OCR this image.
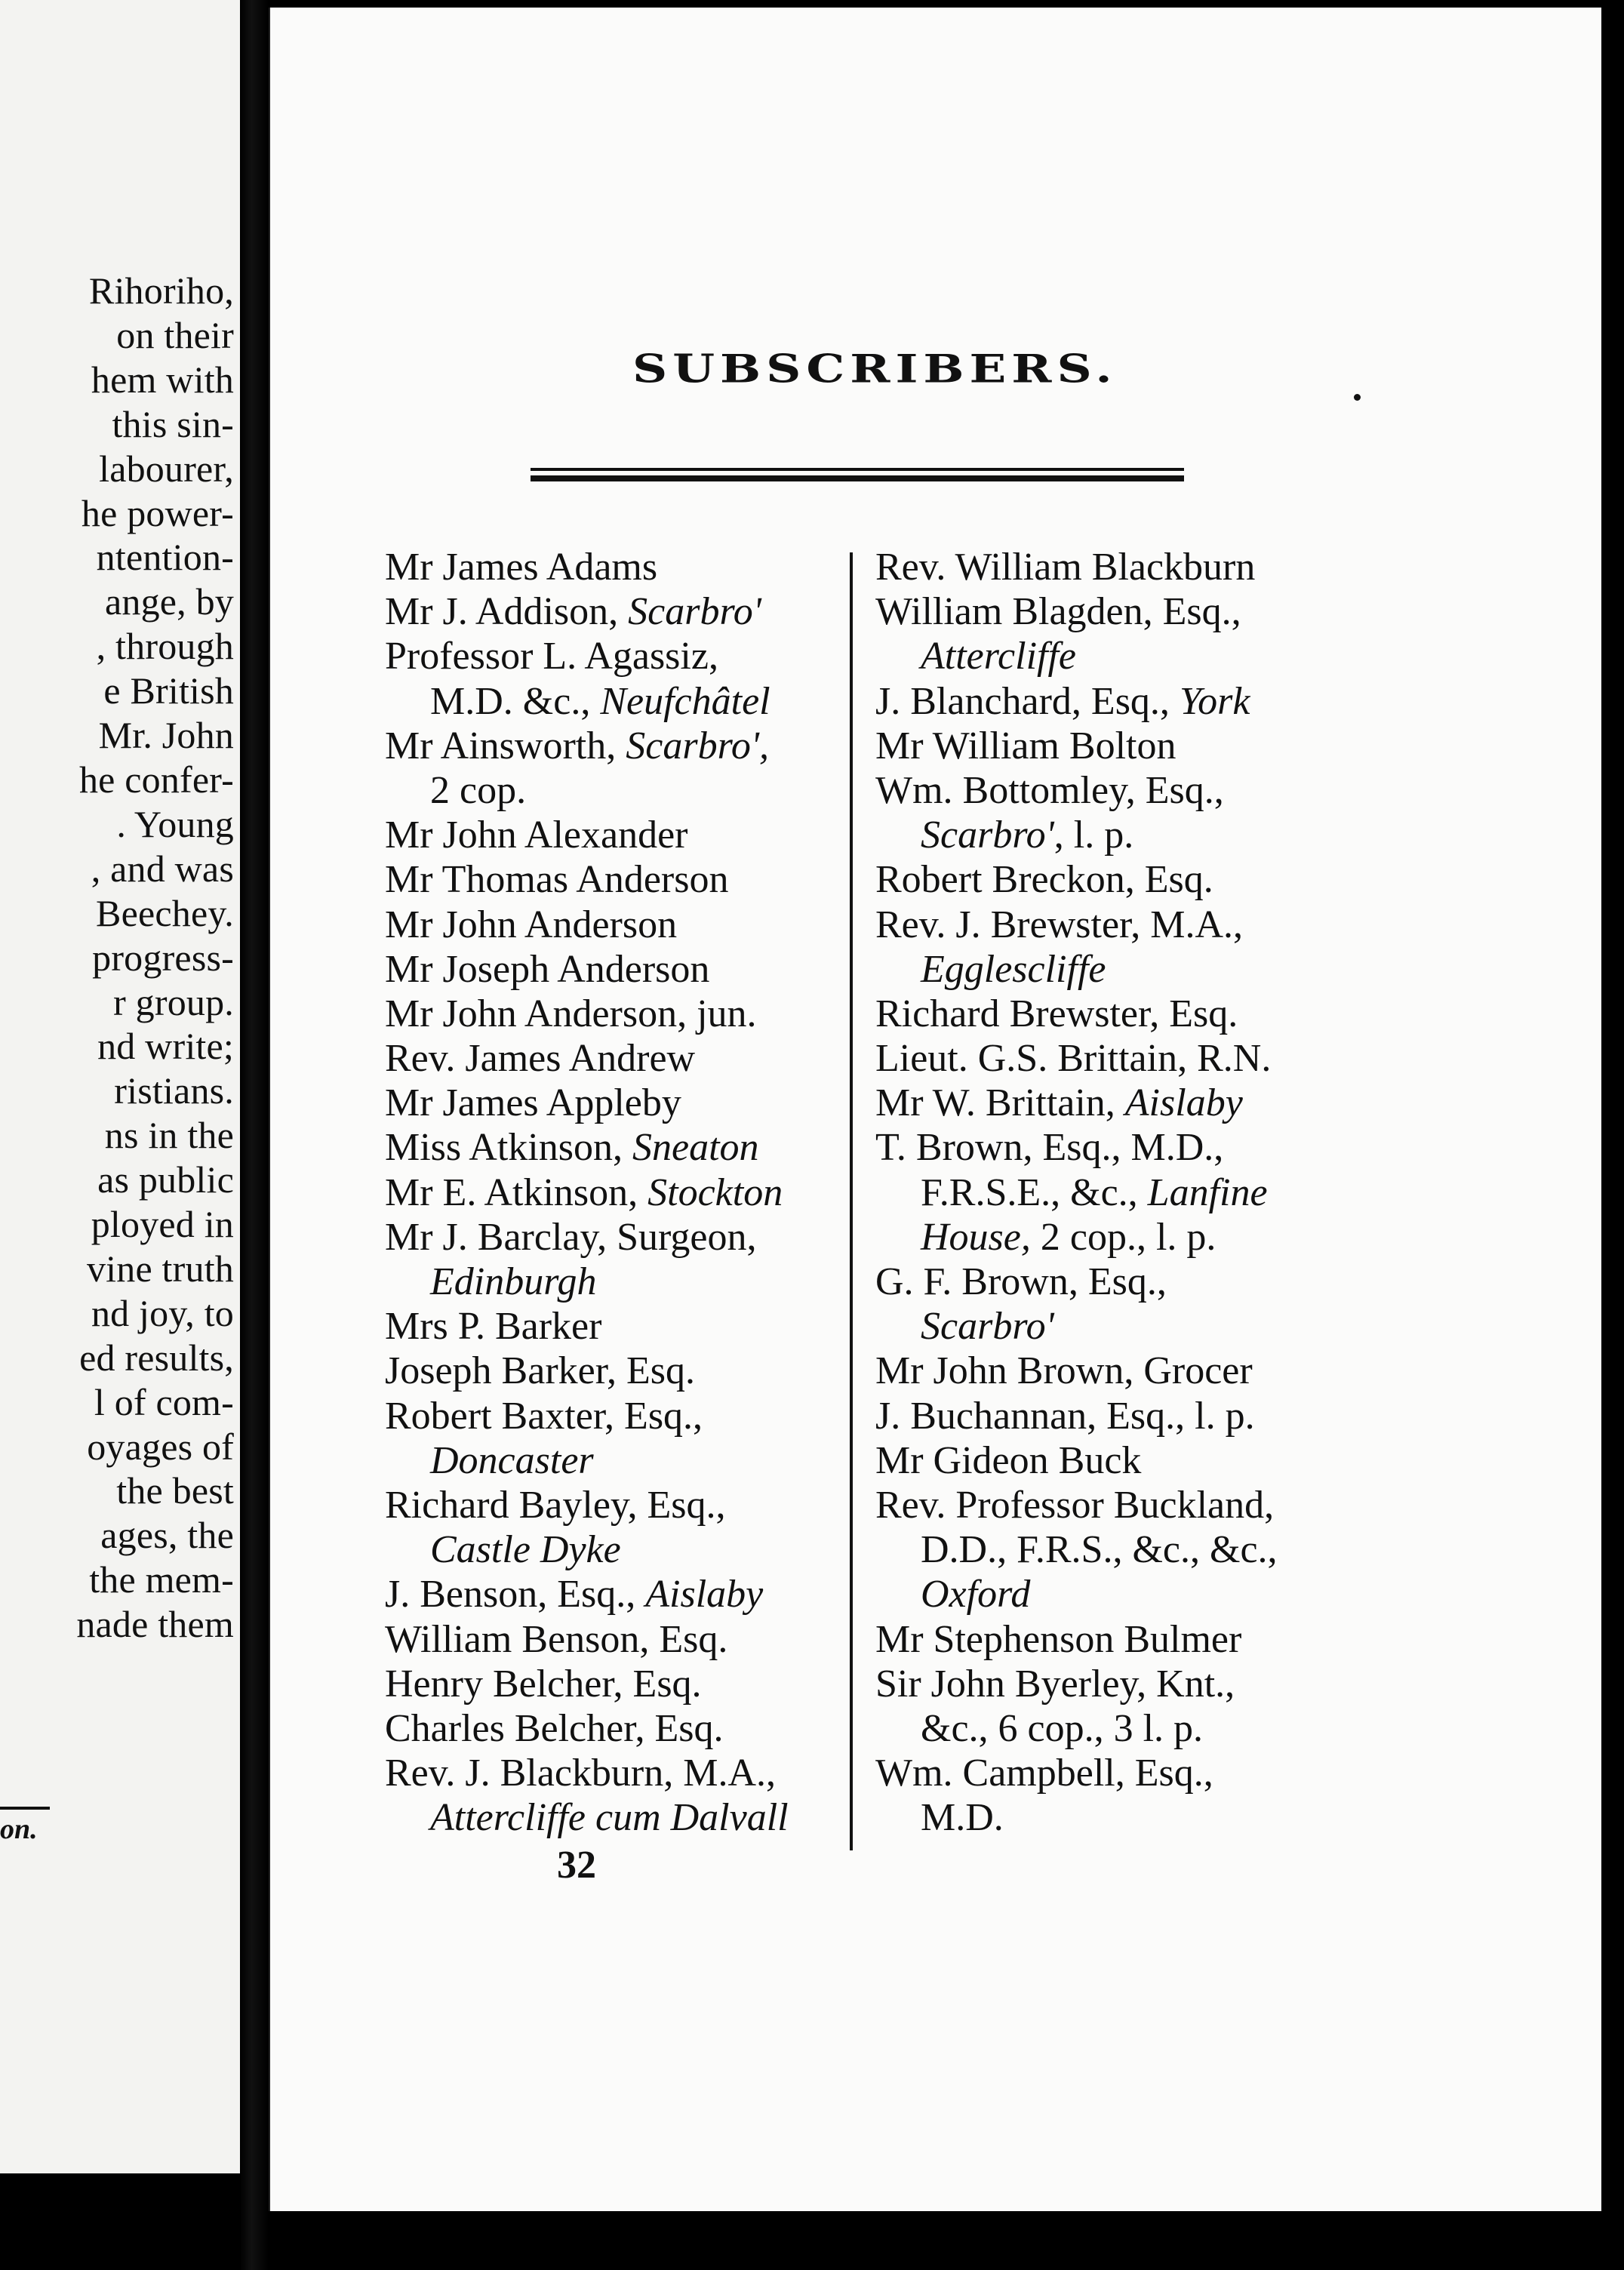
Rihoriho,
on their
hem with
this sin-
labourer,
he power-
ntention-
ange, by
, through
e British
Mr. John
he confer-
. Young
, and was
Beechey.
progress-
r group.
nd write;
ristians.
ns in the
as public
ployed in
vine truth
nd joy, to
ed results,
l of com-
oyages of
the best
ages, the
the mem-
nade them
on.
SUBSCRIBERS.
Mr James Adams
Mr J. Addison, Scarbro'
Professor L. Agassiz,
M.D. &c., Neufchâtel
Mr Ainsworth, Scarbro',
2 cop.
Mr John Alexander
Mr Thomas Anderson
Mr John Anderson
Mr Joseph Anderson
Mr John Anderson, jun.
Rev. James Andrew
Mr James Appleby
Miss Atkinson, Sneaton
Mr E. Atkinson, Stockton
Mr J. Barclay, Surgeon,
Edinburgh
Mrs P. Barker
Joseph Barker, Esq.
Robert Baxter, Esq.,
Doncaster
Richard Bayley, Esq.,
Castle Dyke
J. Benson, Esq., Aislaby
William Benson, Esq.
Henry Belcher, Esq.
Charles Belcher, Esq.
Rev. J. Blackburn, M.A.,
Attercliffe cum Dalvall
Rev. William Blackburn
William Blagden, Esq.,
Attercliffe
J. Blanchard, Esq., York
Mr William Bolton
Wm. Bottomley, Esq.,
Scarbro', l. p.
Robert Breckon, Esq.
Rev. J. Brewster, M.A.,
Egglescliffe
Richard Brewster, Esq.
Lieut. G.S. Brittain, R.N.
Mr W. Brittain, Aislaby
T. Brown, Esq., M.D.,
F.R.S.E., &c., Lanfine
House, 2 cop., l. p.
G. F. Brown, Esq.,
Scarbro'
Mr John Brown, Grocer
J. Buchannan, Esq., l. p.
Mr Gideon Buck
Rev. Professor Buckland,
D.D., F.R.S., &c., &c.,
Oxford
Mr Stephenson Bulmer
Sir John Byerley, Knt.,
&c., 6 cop., 3 l. p.
Wm. Campbell, Esq.,
M.D.
32
